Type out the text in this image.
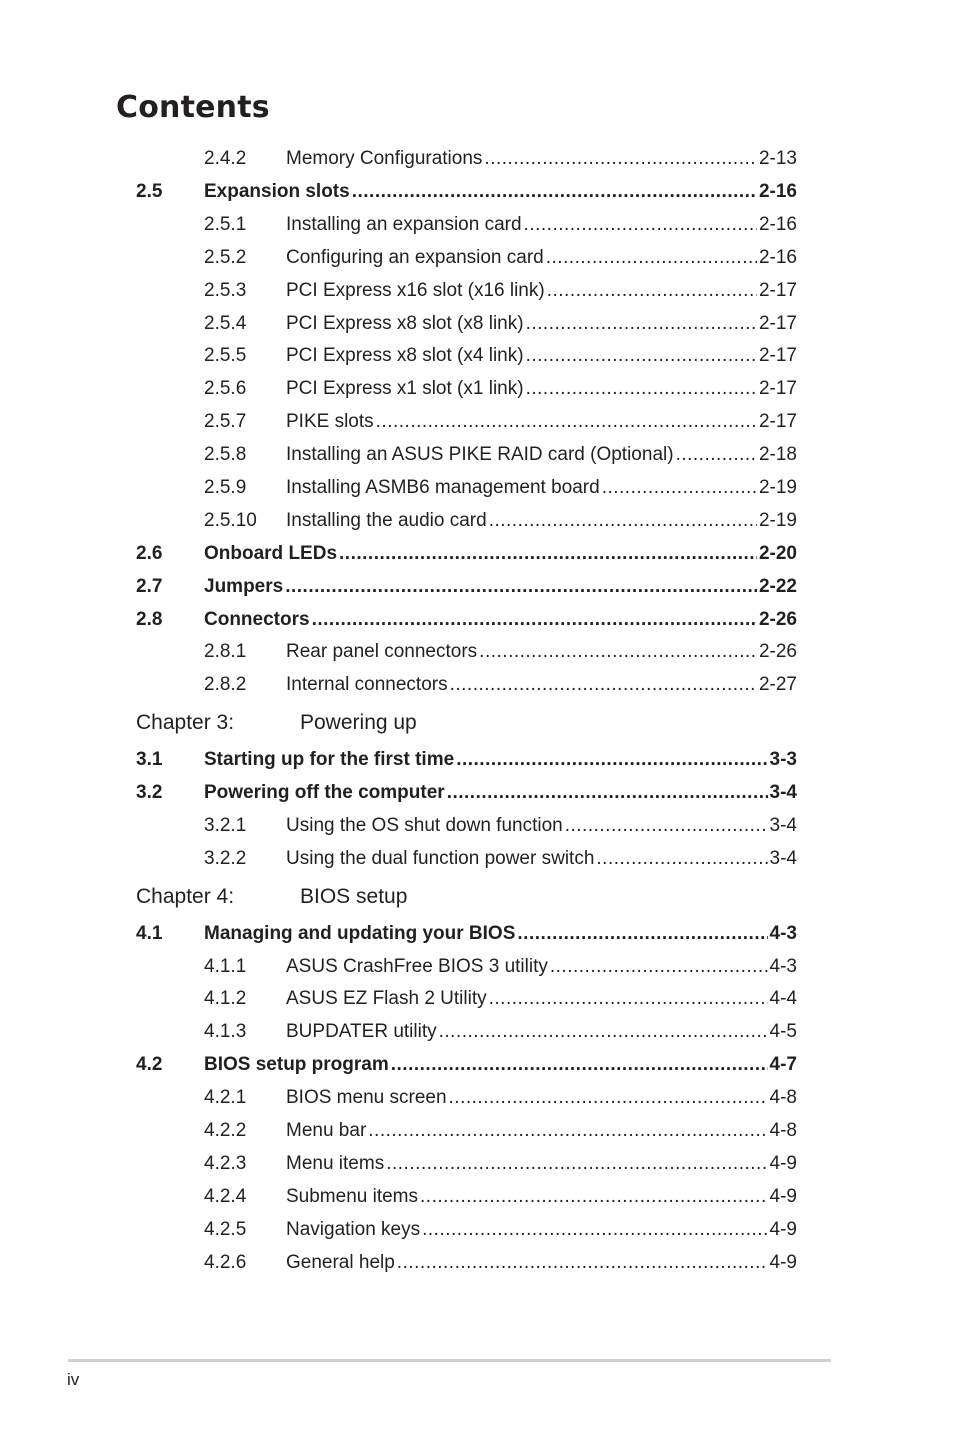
Contents
2.4.2 Memory Configurations .....	2-13
2.5 Expansion slots .....	2-16
2.5.1 Installing an expansion card .....	2-16
2.5.2 Configuring an expansion card .....	2-16
2.5.3 PCI Express x16 slot (x16 link) .....	2-17
2.5.4 PCI Express x8 slot (x8 link) .....	2-17
2.5.5 PCI Express x8 slot (x4 link) .....	2-17
2.5.6 PCI Express x1 slot (x1 link) .....	2-17
2.5.7 PIKE slots .....	2-17
2.5.8 Installing an ASUS PIKE RAID card (Optional) .....	2-18
2.5.9 Installing ASMB6 management board .....	2-19
2.5.10 Installing the audio card .....	2-19
2.6 Onboard LEDs .....	2-20
2.7 Jumpers .....	2-22
2.8 Connectors .....	2-26
2.8.1 Rear panel connectors .....	2-26
2.8.2 Internal connectors .....	2-27
Chapter 3:	Powering up
3.1 Starting up for the first time .....	3-3
3.2 Powering off the computer .....	3-4
3.2.1 Using the OS shut down function .....	3-4
3.2.2 Using the dual function power switch .....	3-4
Chapter 4:	BIOS setup
4.1 Managing and updating your BIOS .....	4-3
4.1.1 ASUS CrashFree BIOS 3 utility .....	4-3
4.1.2 ASUS EZ Flash 2 Utility .....	4-4
4.1.3 BUPDATER utility .....	4-5
4.2 BIOS setup program .....	4-7
4.2.1 BIOS menu screen .....	4-8
4.2.2 Menu bar .....	4-8
4.2.3 Menu items .....	4-9
4.2.4 Submenu items .....	4-9
4.2.5 Navigation keys .....	4-9
4.2.6 General help .....	4-9
iv
